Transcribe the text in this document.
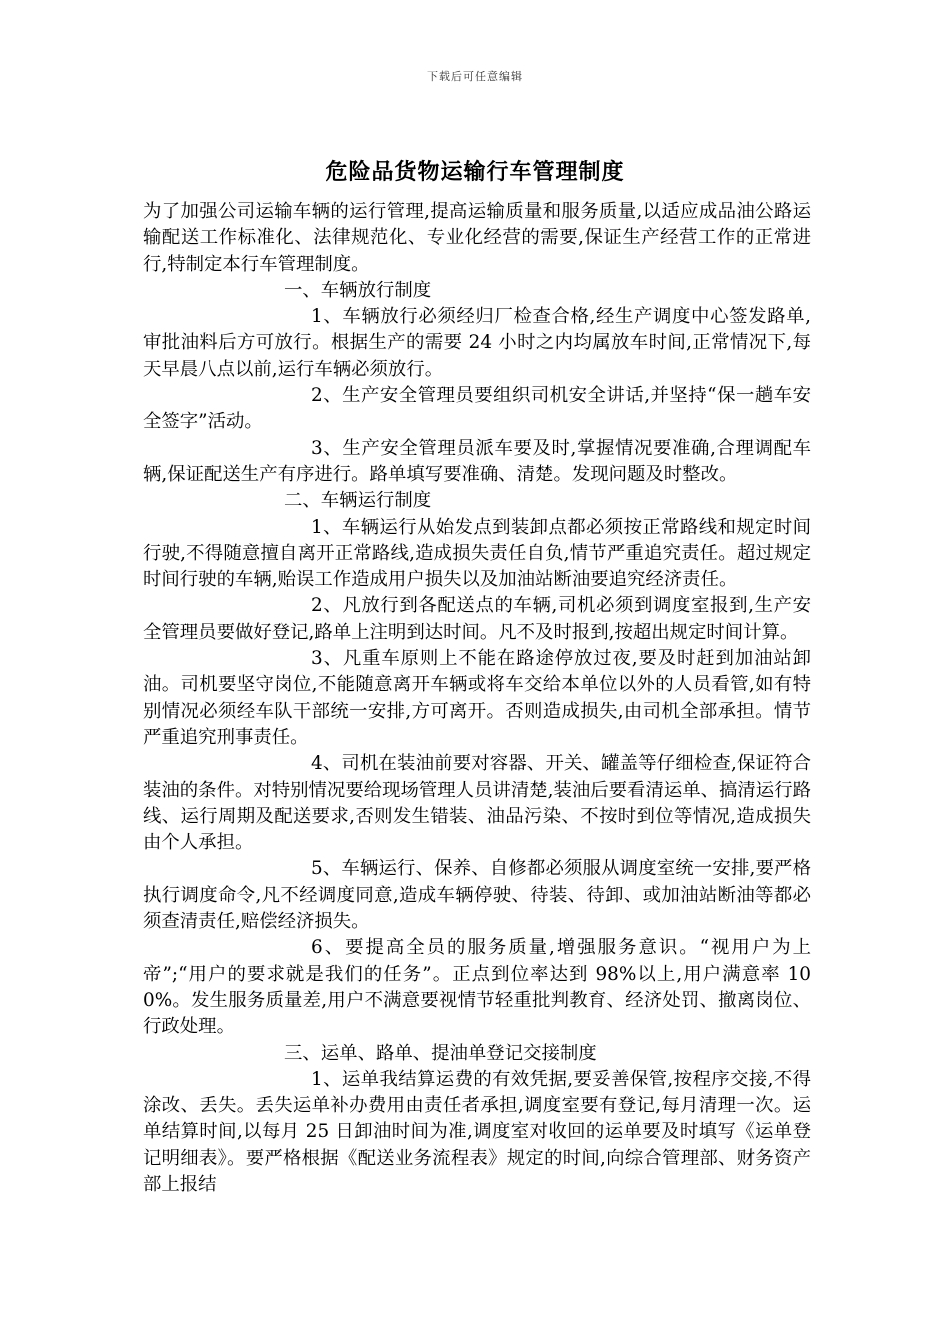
下载后可任意编辑
危险品货物运输行车管理制度

为了加强公司运输车辆的运行管理,提高运输质量和服务质量,以适应成品油公路运输配送工作标准化、法律规范化、专业化经营的需要,保证生产经营工作的正常进行,特制定本行车管理制度。

一、车辆放行制度

1、车辆放行必须经归厂检查合格,经生产调度中心签发路单,审批油料后方可放行。根据生产的需要 24 小时之内均属放车时间,正常情况下,每天早晨八点以前,运行车辆必须放行。

2、生产安全管理员要组织司机安全讲话,并坚持“保一趟车安全签字”活动。

3、生产安全管理员派车要及时,掌握情况要准确,合理调配车辆,保证配送生产有序进行。路单填写要准确、清楚。发现问题及时整改。

二、车辆运行制度

1、车辆运行从始发点到装卸点都必须按正常路线和规定时间行驶,不得随意擅自离开正常路线,造成损失责任自负,情节严重追究责任。超过规定时间行驶的车辆,贻误工作造成用户损失以及加油站断油要追究经济责任。

2、凡放行到各配送点的车辆,司机必须到调度室报到,生产安全管理员要做好登记,路单上注明到达时间。凡不及时报到,按超出规定时间计算。

3、凡重车原则上不能在路途停放过夜,要及时赶到加油站卸油。司机要坚守岗位,不能随意离开车辆或将车交给本单位以外的人员看管,如有特别情况必须经车队干部统一安排,方可离开。否则造成损失,由司机全部承担。情节严重追究刑事责任。

4、司机在装油前要对容器、开关、罐盖等仔细检查,保证符合装油的条件。对特别情况要给现场管理人员讲清楚,装油后要看清运单、搞清运行路线、运行周期及配送要求,否则发生错装、油品污染、不按时到位等情况,造成损失由个人承担。

5、车辆运行、保养、自修都必须服从调度室统一安排,要严格执行调度命令,凡不经调度同意,造成车辆停驶、待装、待卸、或加油站断油等都必须查清责任,赔偿经济损失。

6、要提高全员的服务质量,增强服务意识。“视用户为上帝”;“用户的要求就是我们的任务”。正点到位率达到 98%以上,用户满意率 100%。发生服务质量差,用户不满意要视情节轻重批判教育、经济处罚、撤离岗位、行政处理。

三、运单、路单、提油单登记交接制度

1、运单我结算运费的有效凭据,要妥善保管,按程序交接,不得涂改、丢失。丢失运单补办费用由责任者承担,调度室要有登记,每月清理一次。运单结算时间,以每月 25 日卸油时间为准,调度室对收回的运单要及时填写《运单登记明细表》。要严格根据《配送业务流程表》规定的时间,向综合管理部、财务资产部上报结
